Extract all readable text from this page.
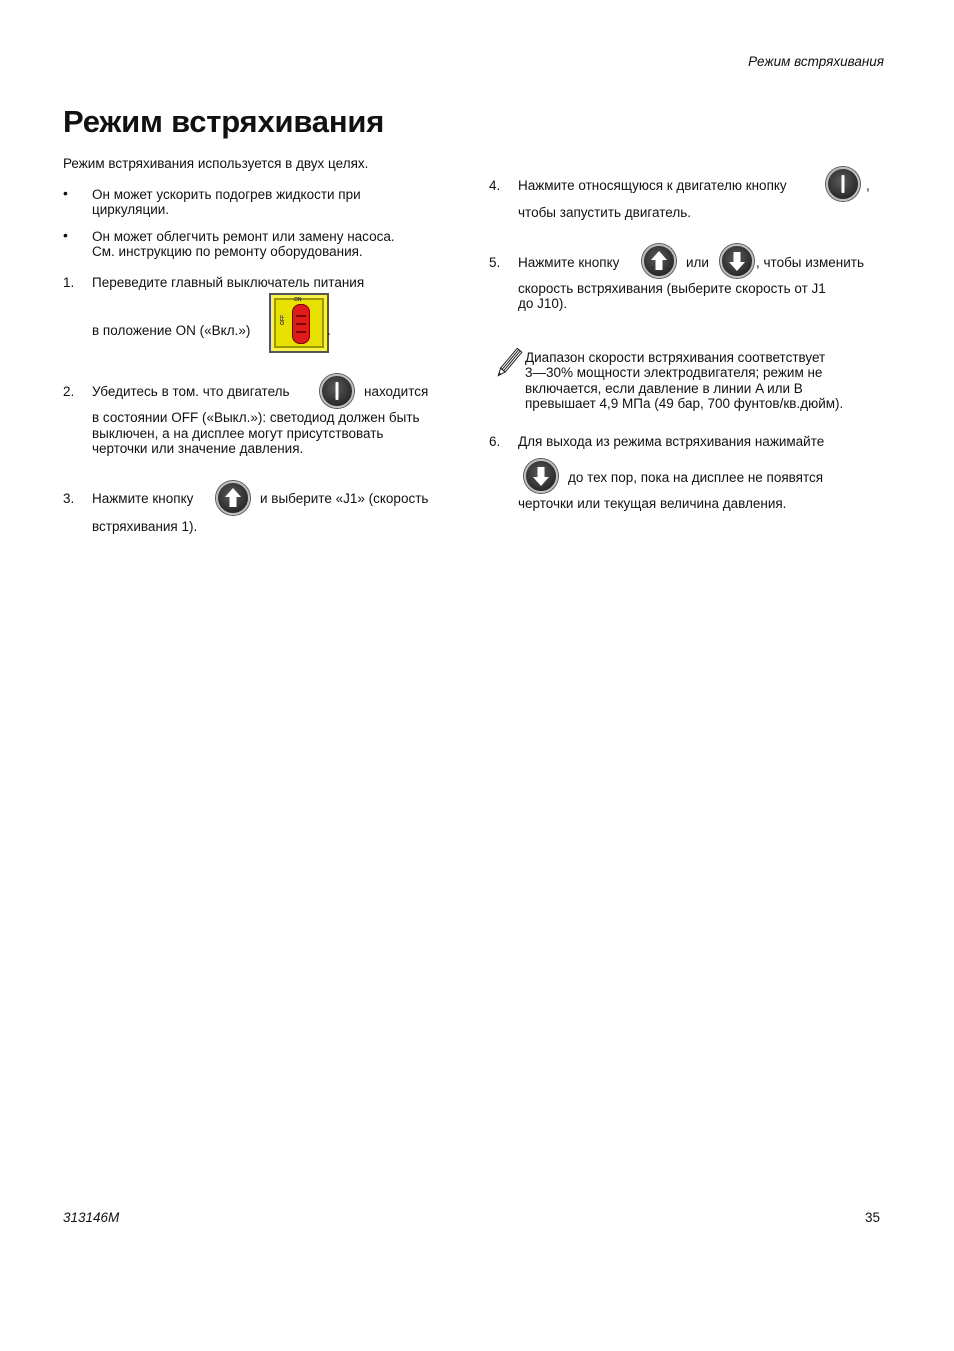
Режим встряхивания
Режим встряхивания
Режим встряхивания используется в двух целях.
• Он может ускорить подогрев жидкости при
циркуляции.
• Он может облегчить ремонт или замену насоса.
См. инструкцию по ремонту оборудования.
1.	Переведите главный выключатель питания
в положение ON («Вкл.»)
ON
OFF
.
2.	Убедитесь в том. что двигатель	находится
в состоянии OFF («Выкл.»): светодиод должен быть
выключен, а на дисплее могут присутствовать
черточки или значение давления.
3.	Нажмите кнопку	и выберите «J1» (скорость
встряхивания 1).
4.	Нажмите относящуюся к двигателю кнопку	,
чтобы запустить двигатель.
5.	Нажмите кнопку	или	, чтобы изменить
скорость встряхивания (выберите скорость от J1
до J10).
Диапазон скорости встряхивания соответствует
3—30% мощности электродвигателя; режим не
включается, если давление в линии A или B
превышает 4,9 МПа (49 бар, 700 фунтов/кв.дюйм).
6.	Для выхода из режима встряхивания нажимайте
до тех пор, пока на дисплее не появятся
черточки или текущая величина давления.
313146M	35
